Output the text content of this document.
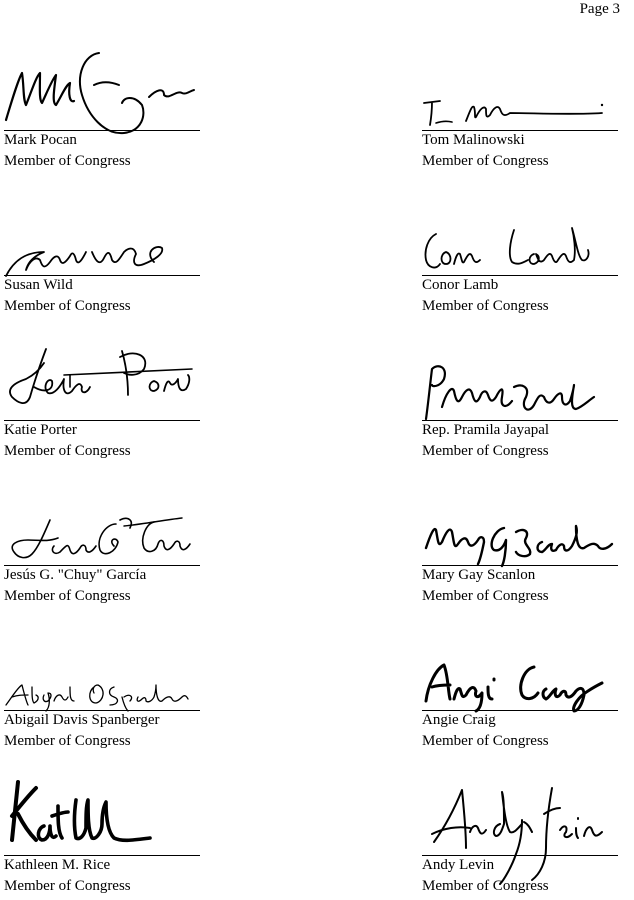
Page 3
Mark Pocan
Member of Congress
Tom Malinowski
Member of Congress
Susan Wild
Member of Congress
Conor Lamb
Member of Congress
Katie Porter
Member of Congress
Rep. Pramila Jayapal
Member of Congress
Jesús G. "Chuy" García
Member of Congress
Mary Gay Scanlon
Member of Congress
Abigail Davis Spanberger
Member of Congress
Angie Craig
Member of Congress
Kathleen M. Rice
Member of Congress
Andy Levin
Member of Congress
